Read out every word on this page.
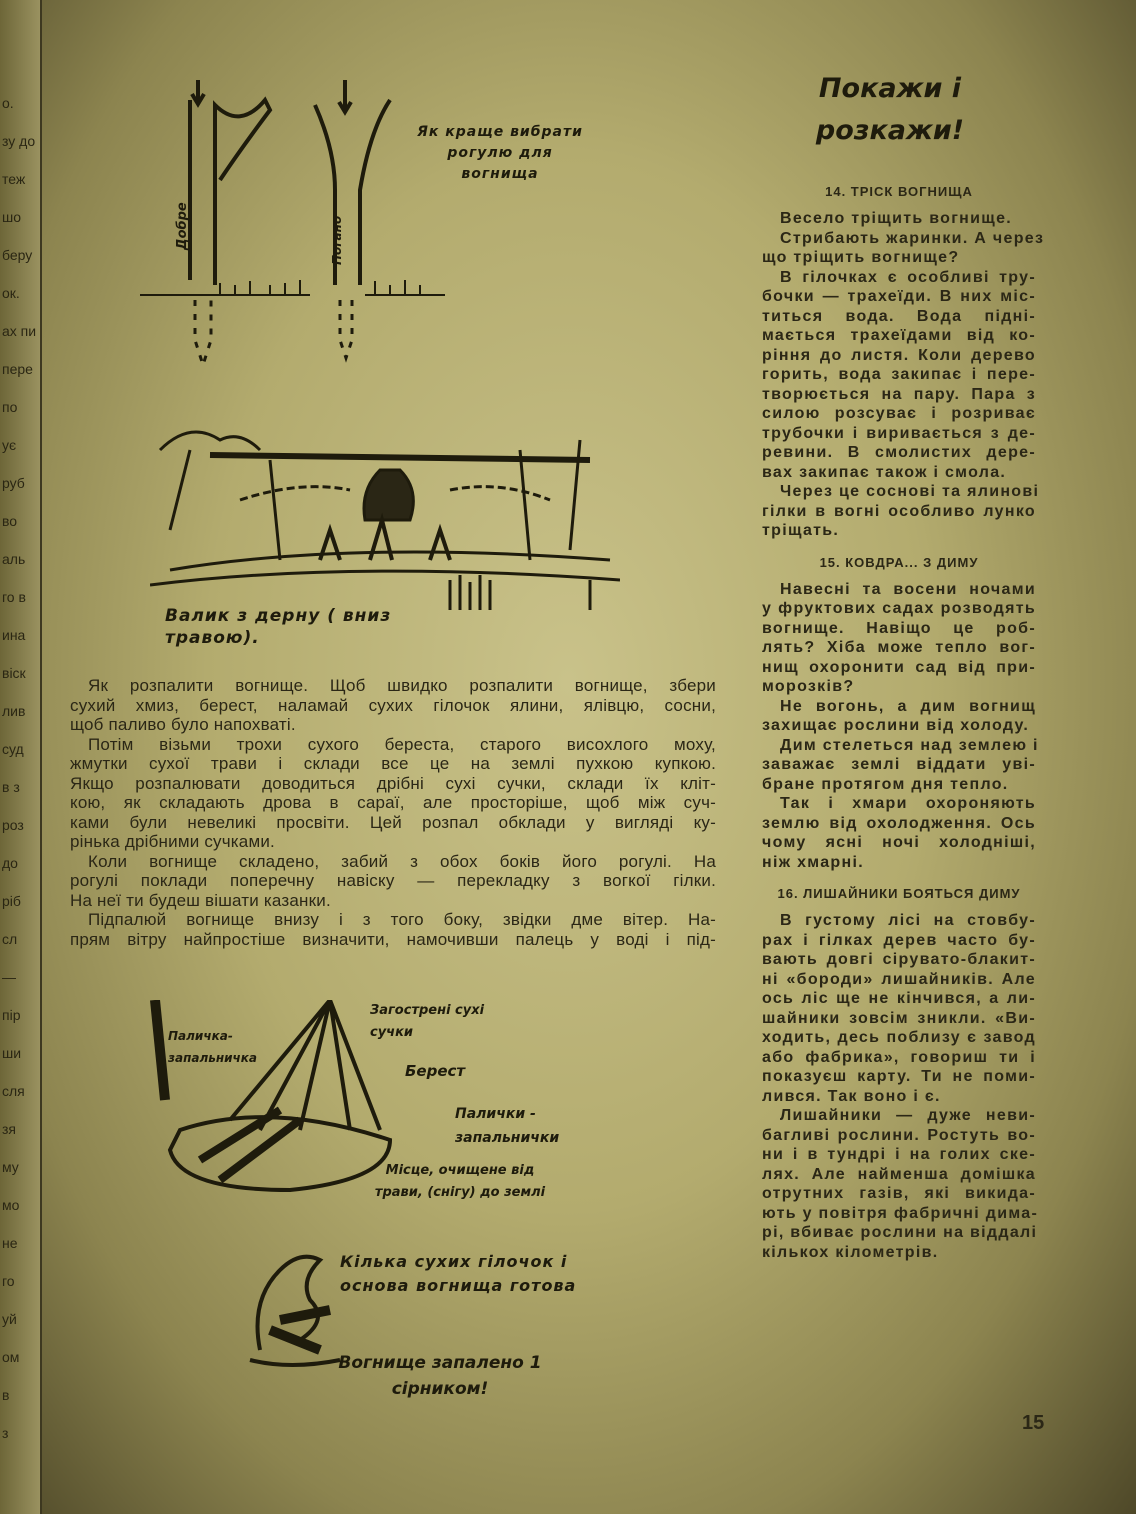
о.
зу до
теж
шо
беру
ок.
ах пи
пере
по
ує
руб
во
аль
го в
ина
віск
лив
суд
в з
роз
до
ріб
сл
—
пір
ши
сля
зя
му
мо
не
го
уй
ом
в
з
Як краще вибрати рогулю для вогнища
Добре	Погано
Валик з дерну ( вниз травою).
Як розпалити вогнище. Щоб швидко розпалити вогнище, збери
сухий хмиз, берест, наламай сухих гілочок ялини, ялівцю, сосни,
щоб паливо було напохваті.
Потім візьми трохи сухого береста, старого висохлого моху,
жмутки сухої трави і склади все це на землі пухкою купкою.
Якщо розпалювати доводиться дрібні сухі сучки, склади їх кліт-
кою, як складають дрова в сараї, але просторіше, щоб між суч-
ками були невеликі просвіти. Цей розпал обклади у вигляді ку-
рінька дрібними сучками.
Коли вогнище складено, забий з обох боків його рогулі. На
рогулі поклади поперечну навіску — перекладку з вогкої гілки.
На неї ти будеш вішати казанки.
Підпалюй вогнище внизу і з того боку, звідки дме вітер. На-
прям вітру найпростіше визначити, намочивши палець у воді і під-
Паличка-запальничка
Загострені сухі сучки
Берест
Палички - запальнички
Місце, очищене від трави, (снігу) до землі
Кілька сухих гілочок і основа вогнища готова
Вогнище запалено 1 сірником!
Покажи і розкажи!
14. ТРІСК ВОГНИЩА
Весело тріщить вогнище.
Стрибають жаринки. А через
що тріщить вогнище?
В гілочках є особливі тру-
бочки — трахеїди. В них міс-
титься вода. Вода підні-
мається трахеїдами від ко-
ріння до листя. Коли дерево
горить, вода закипає і пере-
творюється на пару. Пара з
силою розсуває і розриває
трубочки і виривається з де-
ревини. В смолистих дере-
вах закипає також і смола.
Через це соснові та ялинові
гілки в вогні особливо лунко
тріщать.
15. КОВДРА... З ДИМУ
Навесні та восени ночами
у фруктових садах розводять
вогнище. Навіщо це роб-
лять? Хіба може тепло вог-
нищ охоронити сад від при-
морозків?
Не вогонь, а дим вогнищ
захищає рослини від холоду.
Дим стелеться над землею і
заважає землі віддати уві-
бране протягом дня тепло.
Так і хмари охороняють
землю від охолодження. Ось
чому ясні ночі холодніші,
ніж хмарні.
16. ЛИШАЙНИКИ БОЯТЬСЯ ДИМУ
В густому лісі на стовбу-
рах і гілках дерев часто бу-
вають довгі сірувато-блакит-
ні «бороди» лишайників. Але
ось ліс ще не кінчився, а ли-
шайники зовсім зникли. «Ви-
ходить, десь поблизу є завод
або фабрика», говориш ти і
показуєш карту. Ти не поми-
лився. Так воно і є.
Лишайники — дуже неви-
багливі рослини. Ростуть во-
ни і в тундрі і на голих ске-
лях. Але найменша домішка
отрутних газів, які викида-
ють у повітря фабричні дима-
рі, вбиває рослини на віддалі
кількох кілометрів.
15
